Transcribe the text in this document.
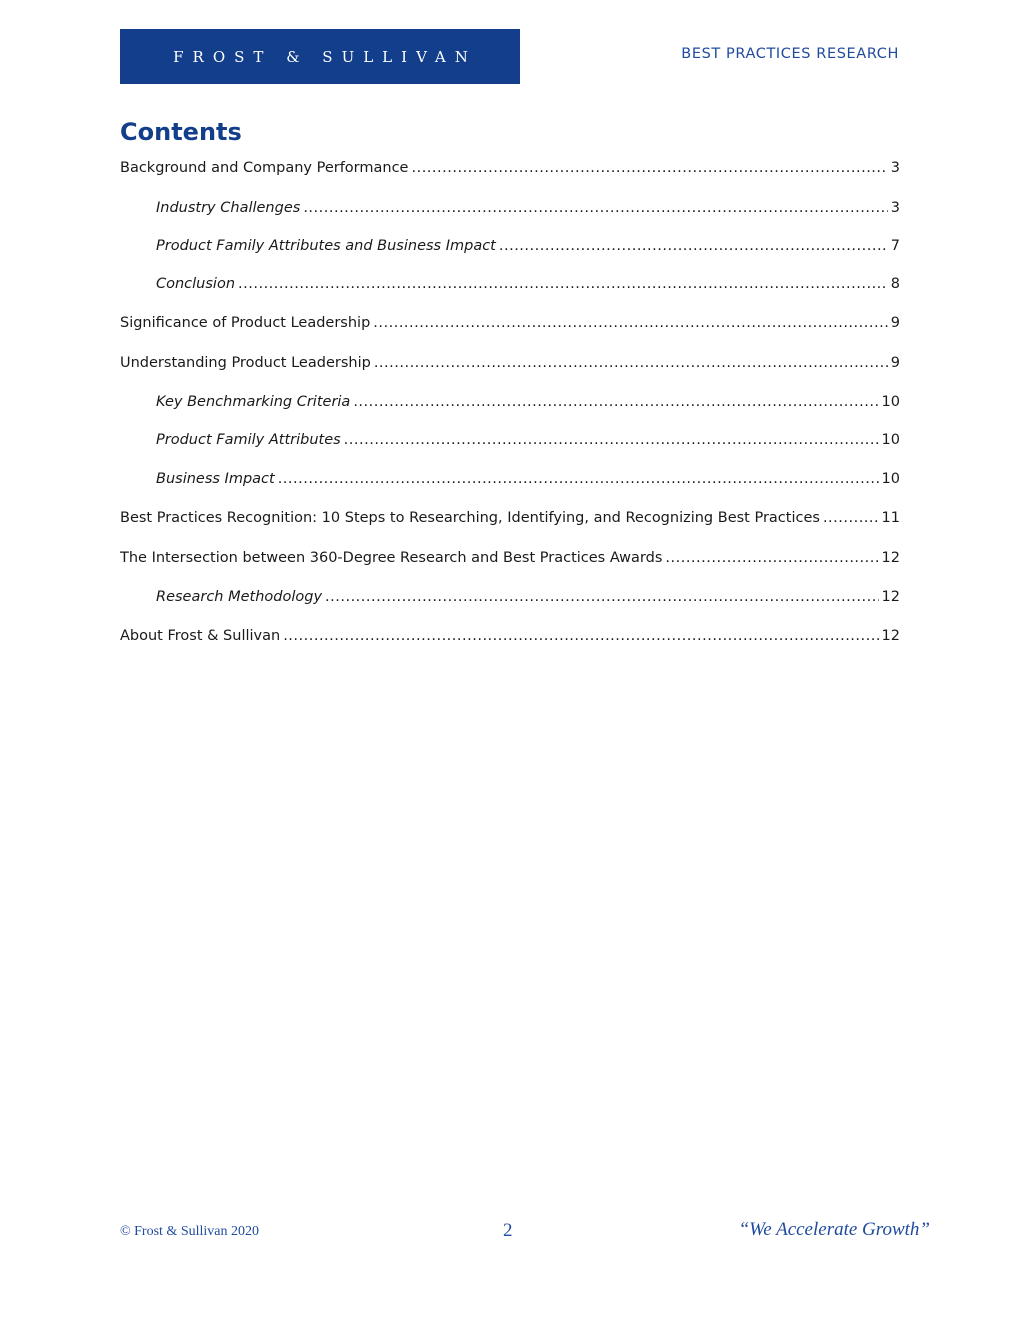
FROST & SULLIVAN	BEST PRACTICES RESEARCH
Contents
Background and Company Performance .....	3
Industry Challenges .....	3
Product Family Attributes and Business Impact .....	7
Conclusion .....	8
Significance of Product Leadership .....	9
Understanding Product Leadership .....	9
Key Benchmarking Criteria .....	10
Product Family Attributes .....	10
Business Impact .....	10
Best Practices Recognition: 10 Steps to Researching, Identifying, and Recognizing Best Practices .....	11
The Intersection between 360-Degree Research and Best Practices Awards .....	12
Research Methodology .....	12
About Frost & Sullivan .....	12
© Frost & Sullivan 2020	2	“We Accelerate Growth”
